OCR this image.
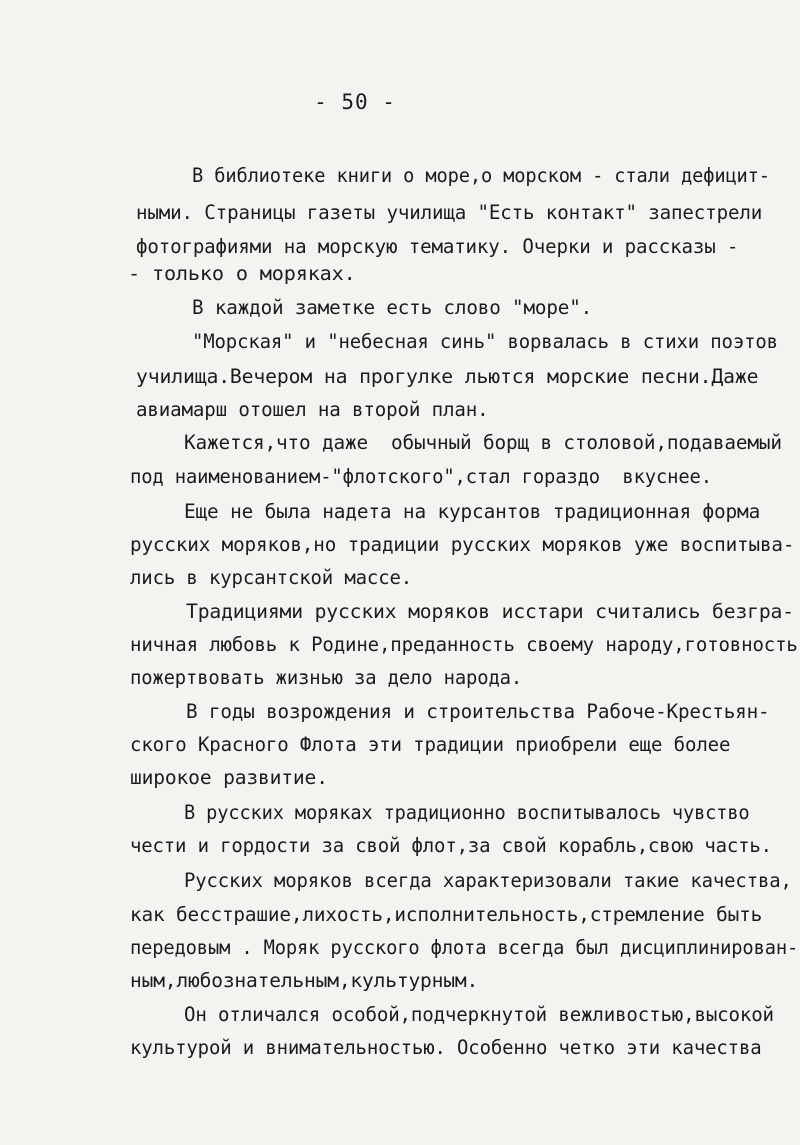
- 50 -
В библиотеке книги о море,о морском - стали дефицит-
ными. Страницы газеты училища "Есть контакт" запестрели
фотографиями на морскую тематику. Очерки и рассказы -
- только о моряках.
В каждой заметке есть слово "море".
"Морская" и "небесная синь" ворвалась в стихи поэтов
училища.Вечером на прогулке льются морские песни.Даже
авиамарш отошел на второй план.
Кажется,что даже  обычный борщ в столовой,подаваемый
под наименованием-"флотского",стал гораздо  вкуснее.
Еще не была надета на курсантов традиционная форма
русских моряков,но традиции русских моряков уже воспитыва-
лись в курсантской массе.
Традициями русских моряков исстари считались безгра-
ничная любовь к Родине,преданность своему народу,готовность
пожертвовать жизнью за дело народа.
В годы возрождения и строительства Рабоче-Крестьян-
ского Красного Флота эти традиции приобрели еще более
широкое развитие.
В русских моряках традиционно воспитывалось чувство
чести и гордости за свой флот,за свой корабль,свою часть.
Русских моряков всегда характеризовали такие качества,
как бесстрашие,лихость,исполнительность,стремление быть
передовым . Моряк русского флота всегда был дисциплинирован-
ным,любознательным,культурным.
Он отличался особой,подчеркнутой вежливостью,высокой
культурой и внимательностью. Особенно четко эти качества
